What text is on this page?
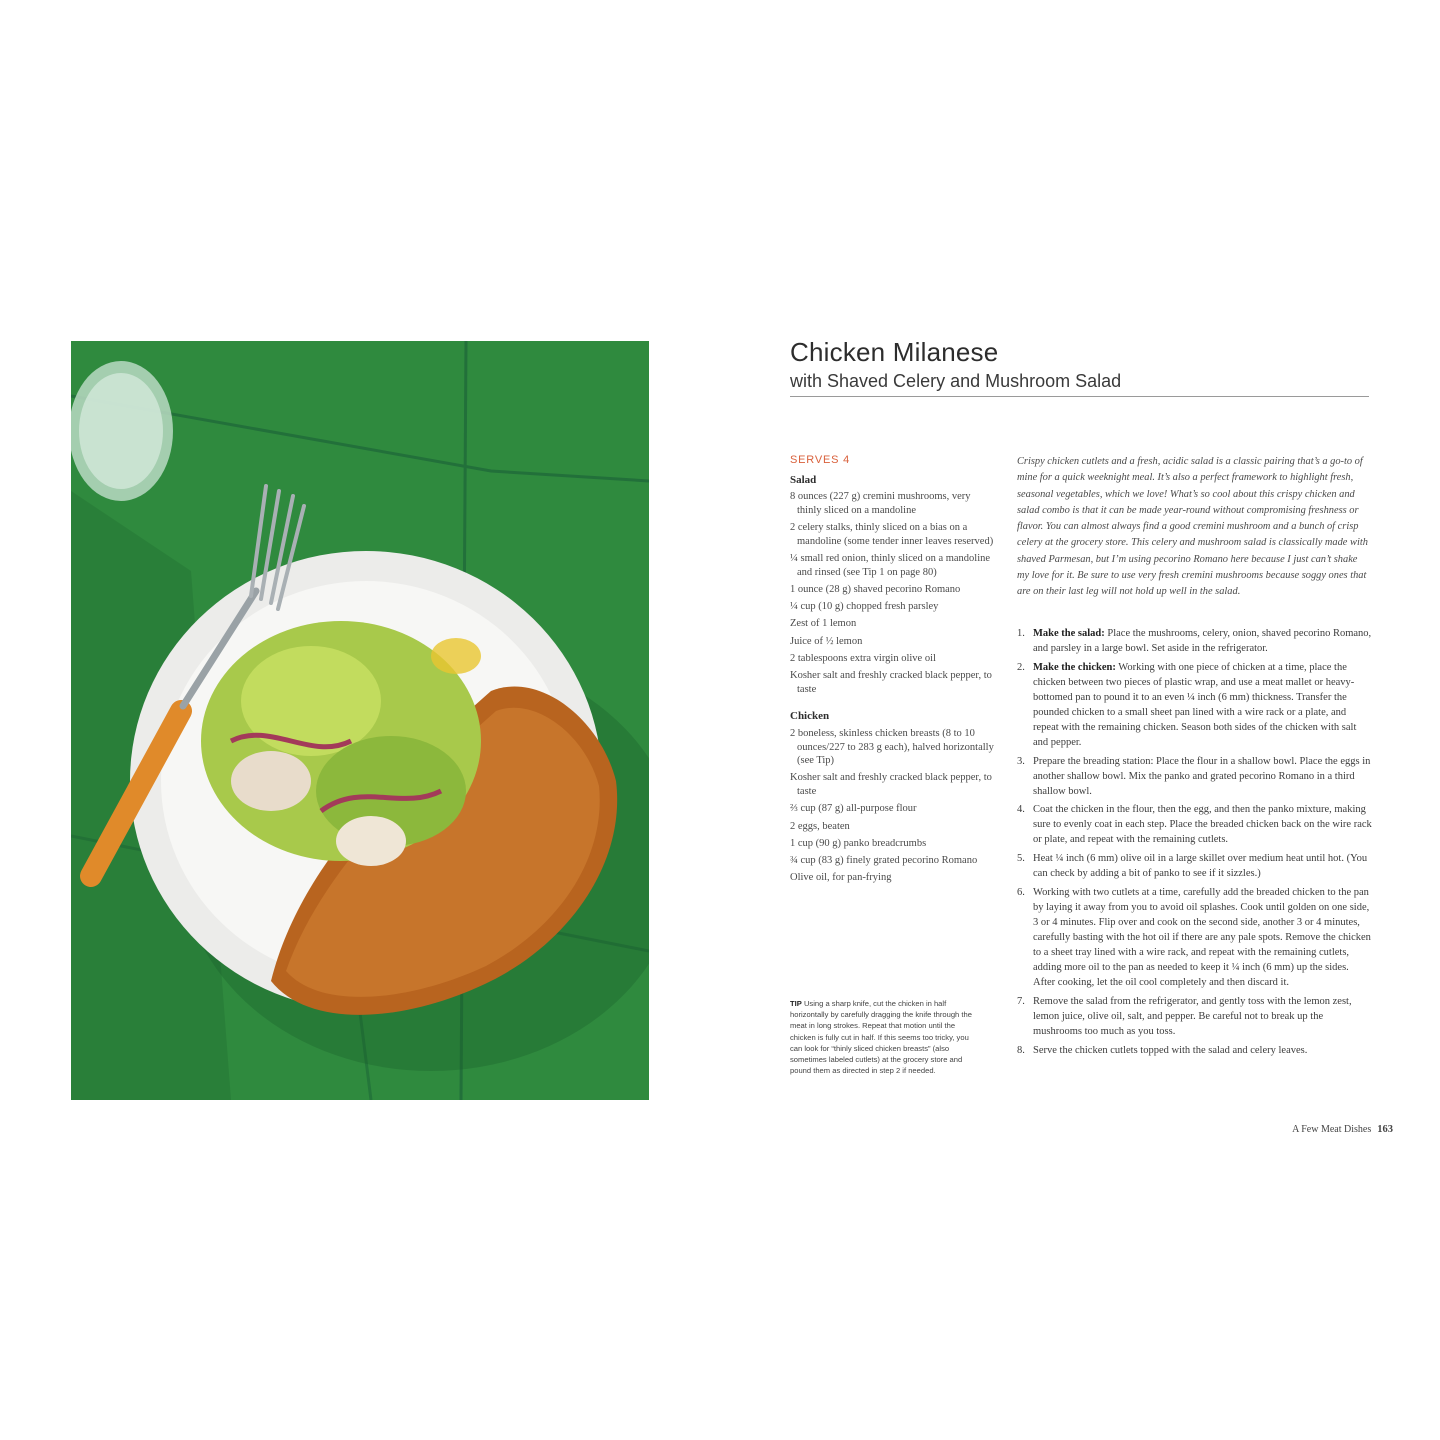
Chicken Milanese
with Shaved Celery and Mushroom Salad
SERVES 4
Salad
8 ounces (227 g) cremini mushrooms, very thinly sliced on a mandoline
2 celery stalks, thinly sliced on a bias on a mandoline (some tender inner leaves reserved)
¼ small red onion, thinly sliced on a mandoline and rinsed (see Tip 1 on page 80)
1 ounce (28 g) shaved pecorino Romano
¼ cup (10 g) chopped fresh parsley
Zest of 1 lemon
Juice of ½ lemon
2 tablespoons extra virgin olive oil
Kosher salt and freshly cracked black pepper, to taste
Chicken
2 boneless, skinless chicken breasts (8 to 10 ounces/227 to 283 g each), halved horizontally (see Tip)
Kosher salt and freshly cracked black pepper, to taste
⅔ cup (87 g) all-purpose flour
2 eggs, beaten
1 cup (90 g) panko breadcrumbs
¾ cup (83 g) finely grated pecorino Romano
Olive oil, for pan-frying
TIP Using a sharp knife, cut the chicken in half horizontally by carefully dragging the knife through the meat in long strokes. Repeat that motion until the chicken is fully cut in half. If this seems too tricky, you can look for “thinly sliced chicken breasts” (also sometimes labeled cutlets) at the grocery store and pound them as directed in step 2 if needed.
Crispy chicken cutlets and a fresh, acidic salad is a classic pairing that’s a go-to of mine for a quick weeknight meal. It’s also a perfect framework to highlight fresh, seasonal vegetables, which we love! What’s so cool about this crispy chicken and salad combo is that it can be made year-round without compromising freshness or flavor. You can almost always find a good cremini mushroom and a bunch of crisp celery at the grocery store. This celery and mushroom salad is classically made with shaved Parmesan, but I’m using pecorino Romano here because I just can’t shake my love for it. Be sure to use very fresh cremini mushrooms because soggy ones that are on their last leg will not hold up well in the salad.
1. Make the salad: Place the mushrooms, celery, onion, shaved pecorino Romano, and parsley in a large bowl. Set aside in the refrigerator.
2. Make the chicken: Working with one piece of chicken at a time, place the chicken between two pieces of plastic wrap, and use a meat mallet or heavy-bottomed pan to pound it to an even ¼ inch (6 mm) thickness. Transfer the pounded chicken to a small sheet pan lined with a wire rack or a plate, and repeat with the remaining chicken. Season both sides of the chicken with salt and pepper.
3. Prepare the breading station: Place the flour in a shallow bowl. Place the eggs in another shallow bowl. Mix the panko and grated pecorino Romano in a third shallow bowl.
4. Coat the chicken in the flour, then the egg, and then the panko mixture, making sure to evenly coat in each step. Place the breaded chicken back on the wire rack or plate, and repeat with the remaining cutlets.
5. Heat ¼ inch (6 mm) olive oil in a large skillet over medium heat until hot. (You can check by adding a bit of panko to see if it sizzles.)
6. Working with two cutlets at a time, carefully add the breaded chicken to the pan by laying it away from you to avoid oil splashes. Cook until golden on one side, 3 or 4 minutes. Flip over and cook on the second side, another 3 or 4 minutes, carefully basting with the hot oil if there are any pale spots. Remove the chicken to a sheet tray lined with a wire rack, and repeat with the remaining cutlets, adding more oil to the pan as needed to keep it ¼ inch (6 mm) up the sides. After cooking, let the oil cool completely and then discard it.
7. Remove the salad from the refrigerator, and gently toss with the lemon zest, lemon juice, olive oil, salt, and pepper. Be careful not to break up the mushrooms too much as you toss.
8. Serve the chicken cutlets topped with the salad and celery leaves.
A Few Meat Dishes 163
